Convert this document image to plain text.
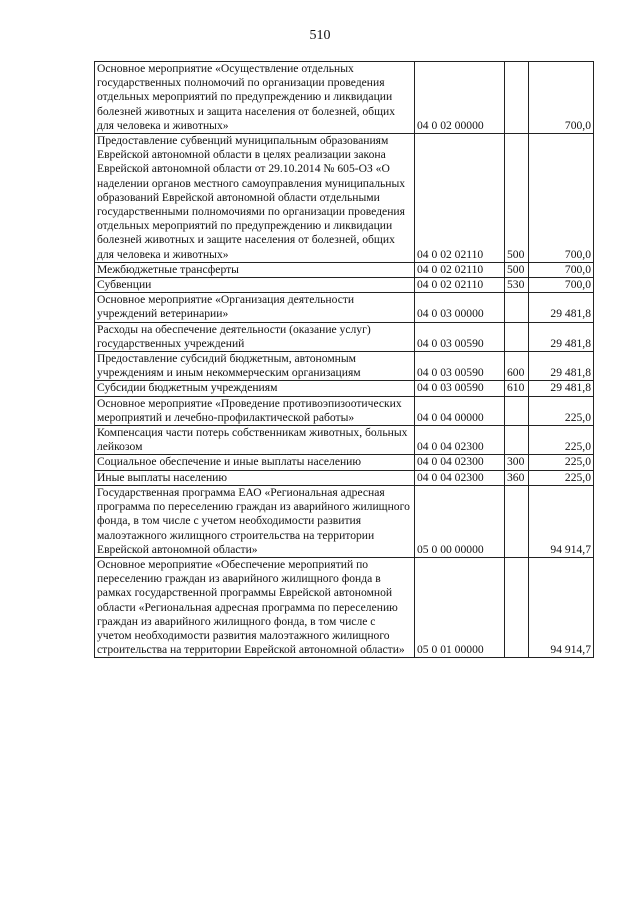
510
Основное мероприятие «Осуществление отдельных государственных полномочий по организации проведения отдельных мероприятий по предупреждению и ликвидации болезней животных и защита населения от болезней, общих для человека и животных»	04 0 02 00000		700,0
Предоставление субвенций муниципальным образованиям Еврейской автономной области в целях реализации закона Еврейской автономной области от 29.10.2014 № 605-ОЗ «О наделении органов местного самоуправления муниципальных образований Еврейской автономной области отдельными государственными полномочиями по организации проведения отдельных мероприятий по предупреждению и ликвидации болезней животных и защите населения от болезней, общих для человека и животных»	04 0 02 02110	500	700,0
Межбюджетные трансферты	04 0 02 02110	500	700,0
Субвенции	04 0 02 02110	530	700,0
Основное мероприятие «Организация деятельности учреждений ветеринарии»	04 0 03 00000		29 481,8
Расходы на обеспечение деятельности (оказание услуг) государственных учреждений	04 0 03 00590		29 481,8
Предоставление субсидий бюджетным, автономным учреждениям и иным некоммерческим организациям	04 0 03 00590	600	29 481,8
Субсидии бюджетным учреждениям	04 0 03 00590	610	29 481,8
Основное мероприятие «Проведение противоэпизоотических мероприятий и лечебно-профилактической работы»	04 0 04 00000		225,0
Компенсация части потерь собственникам животных, больных лейкозом	04 0 04 02300		225,0
Социальное обеспечение и иные выплаты населению	04 0 04 02300	300	225,0
Иные выплаты населению	04 0 04 02300	360	225,0
Государственная программа ЕАО «Региональная адресная программа по переселению граждан из аварийного жилищного фонда, в том числе с учетом необходимости развития малоэтажного жилищного строительства на территории Еврейской автономной области»	05 0 00 00000		94 914,7
Основное мероприятие «Обеспечение мероприятий по переселению граждан из аварийного жилищного фонда в рамках государственной программы Еврейской автономной области «Региональная адресная программа по переселению граждан из аварийного жилищного фонда, в том числе с учетом необходимости развития малоэтажного жилищного строительства на территории Еврейской автономной области»	05 0 01 00000		94 914,7
